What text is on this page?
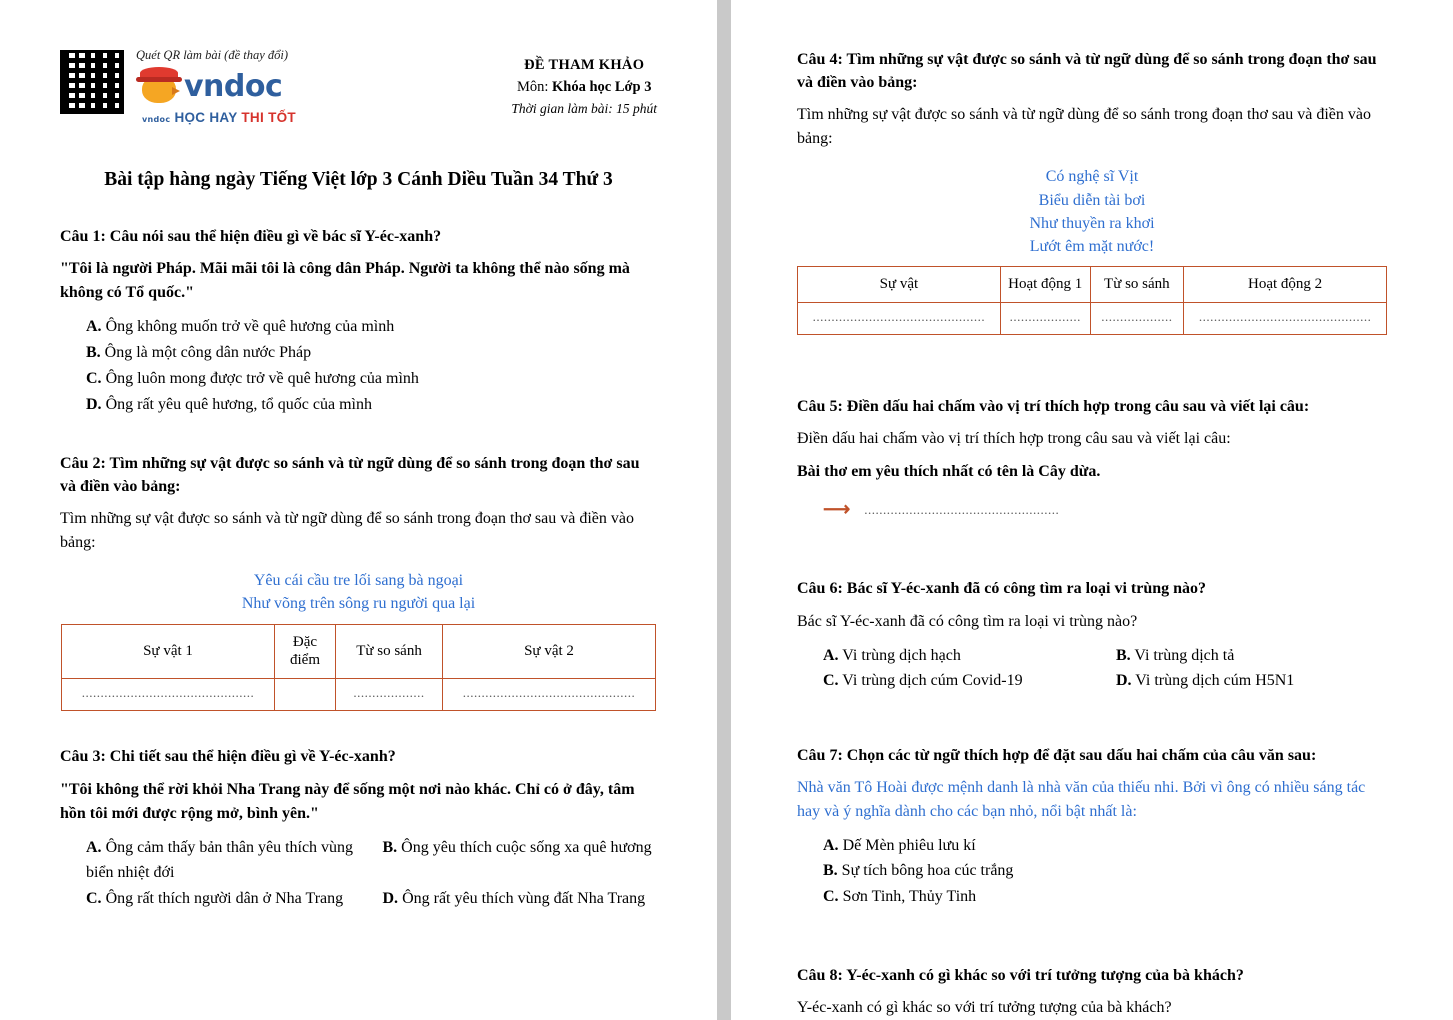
Quét QR làm bài (đề thay đổi)
vndoc
vndoc HỌC HAY THI TỐT
ĐỀ THAM KHẢO
Môn: Khóa học Lớp 3
Thời gian làm bài: 15 phút
Bài tập hàng ngày Tiếng Việt lớp 3 Cánh Diều Tuần 34 Thứ 3
Câu 1: Câu nói sau thể hiện điều gì về bác sĩ Y-éc-xanh?
"Tôi là người Pháp. Mãi mãi tôi là công dân Pháp. Người ta không thể nào sống mà không có Tổ quốc."
A. Ông không muốn trở về quê hương của mình
B. Ông là một công dân nước Pháp
C. Ông luôn mong được trở về quê hương của mình
D. Ông rất yêu quê hương, tổ quốc của mình
Câu 2: Tìm những sự vật được so sánh và từ ngữ dùng để so sánh trong đoạn thơ sau và điền vào bảng:
Tìm những sự vật được so sánh và từ ngữ dùng để so sánh trong đoạn thơ sau và điền vào bảng:
Yêu cái cầu tre lối sang bà ngoại
Như võng trên sông ru người qua lại
Sự vật 1	Đặc điểm	Từ so sánh	Sự vật 2
..............................................		...................	..............................................
Câu 3: Chi tiết sau thể hiện điều gì về Y-éc-xanh?
"Tôi không thể rời khỏi Nha Trang này để sống một nơi nào khác. Chỉ có ở đây, tâm hồn tôi mới được rộng mở, bình yên."
A. Ông cảm thấy bản thân yêu thích vùng biển nhiệt đới
B. Ông yêu thích cuộc sống xa quê hương
C. Ông rất thích người dân ở Nha Trang	D. Ông rất yêu thích vùng đất Nha Trang
Câu 4: Tìm những sự vật được so sánh và từ ngữ dùng để so sánh trong đoạn thơ sau và điền vào bảng:
Tìm những sự vật được so sánh và từ ngữ dùng để so sánh trong đoạn thơ sau và điền vào bảng:
Có nghệ sĩ Vịt
Biểu diễn tài bơi
Như thuyền ra khơi
Lướt êm mặt nước!
Sự vật	Hoạt động 1	Từ so sánh	Hoạt động 2
..............................................	...................	...................	..............................................
Câu 5: Điền dấu hai chấm vào vị trí thích hợp trong câu sau và viết lại câu:
Điền dấu hai chấm vào vị trí thích hợp trong câu sau và viết lại câu:
Bài thơ em yêu thích nhất có tên là Cây dừa.
⟶ ....................................................
Câu 6: Bác sĩ Y-éc-xanh đã có công tìm ra loại vi trùng nào?
Bác sĩ Y-éc-xanh đã có công tìm ra loại vi trùng nào?
A. Vi trùng dịch hạch	B. Vi trùng dịch tả
C. Vi trùng dịch cúm Covid-19	D. Vi trùng dịch cúm H5N1
Câu 7: Chọn các từ ngữ thích hợp để đặt sau dấu hai chấm của câu văn sau:
Nhà văn Tô Hoài được mệnh danh là nhà văn của thiếu nhi. Bởi vì ông có nhiều sáng tác hay và ý nghĩa dành cho các bạn nhỏ, nổi bật nhất là:
A. Dế Mèn phiêu lưu kí
B. Sự tích bông hoa cúc trắng
C. Sơn Tinh, Thủy Tinh
Câu 8: Y-éc-xanh có gì khác so với trí tưởng tượng của bà khách?
Y-éc-xanh có gì khác so với trí tưởng tượng của bà khách?
